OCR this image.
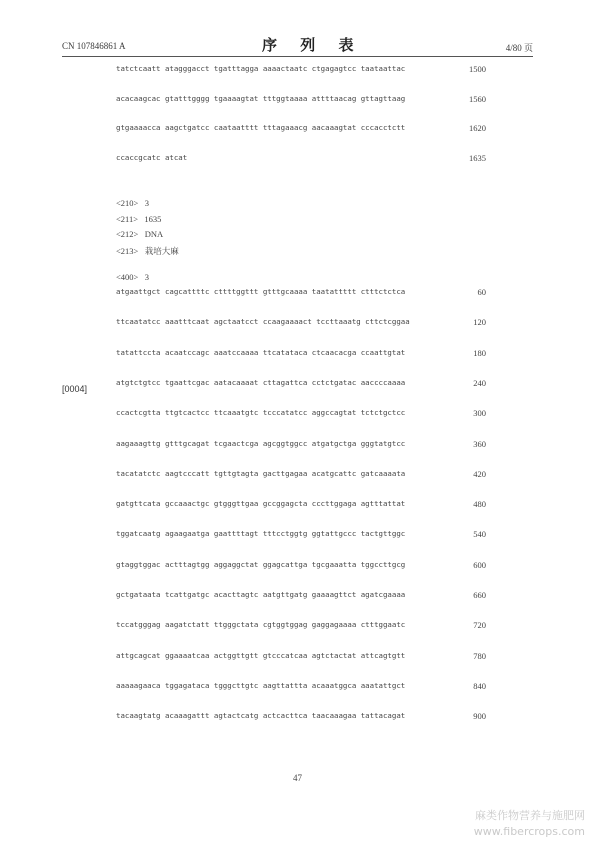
CN 107846861 A	序 列 表	4/80 页
tatctcaatt atagggacct tgatttagga aaaactaatc ctgagagtcc taataattac	1500
acacaagcac gtatttgggg tgaaaagtat tttggtaaaa attttaacag gttagttaag	1560
gtgaaaacca aagctgatcc caataatttt tttagaaacg aacaaagtat cccacctctt	1620
ccaccgcatc atcat	1635
<210>   3
<211>   1635
<212>   DNA
<213>   栽培大麻
<400>   3
[0004]
atgaattgct cagcattttc cttttggttt gtttgcaaaa taatattttt ctttctctca	60
ttcaatatcc aaatttcaat agctaatcct ccaagaaaact tccttaaatg cttctcggaa	120
tatattccta acaatccagc aaatccaaaa ttcatataca ctcaacacga ccaattgtat	180
atgtctgtcc tgaattcgac aatacaaaat cttagattca cctctgatac aaccccaaaa	240
ccactcgtta ttgtcactcc ttcaaatgtc tcccatatcc aggccagtat tctctgctcc	300
aagaaagttg gtttgcagat tcgaactcga agcggtggcc atgatgctga gggtatgtcc	360
tacatatctc aagtcccatt tgttgtagta gacttgagaa acatgcattc gatcaaaata	420
gatgttcata gccaaactgc gtgggttgaa gccggagcta cccttggaga agtttattat	480
tggatcaatg agaagaatga gaattttagt tttcctggtg ggtattgccc tactgttggc	540
gtaggtggac actttagtgg aggaggctat ggagcattga tgcgaaatta tggccttgcg	600
gctgataata tcattgatgc acacttagtc aatgttgatg gaaaagttct agatcgaaaa	660
tccatgggag aagatctatt ttgggctata cgtggtggag gaggagaaaa ctttggaatc	720
attgcagcat ggaaaatcaa actggttgtt gtcccatcaa agtctactat attcagtgtt	780
aaaaagaaca tggagataca tgggcttgtc aagttattta acaaatggca aaatattgct	840
tacaagtatg acaaagattt agtactcatg actcacttca taacaaagaa tattacagat	900
47
麻类作物营养与施肥网
www.fibercrops.com
